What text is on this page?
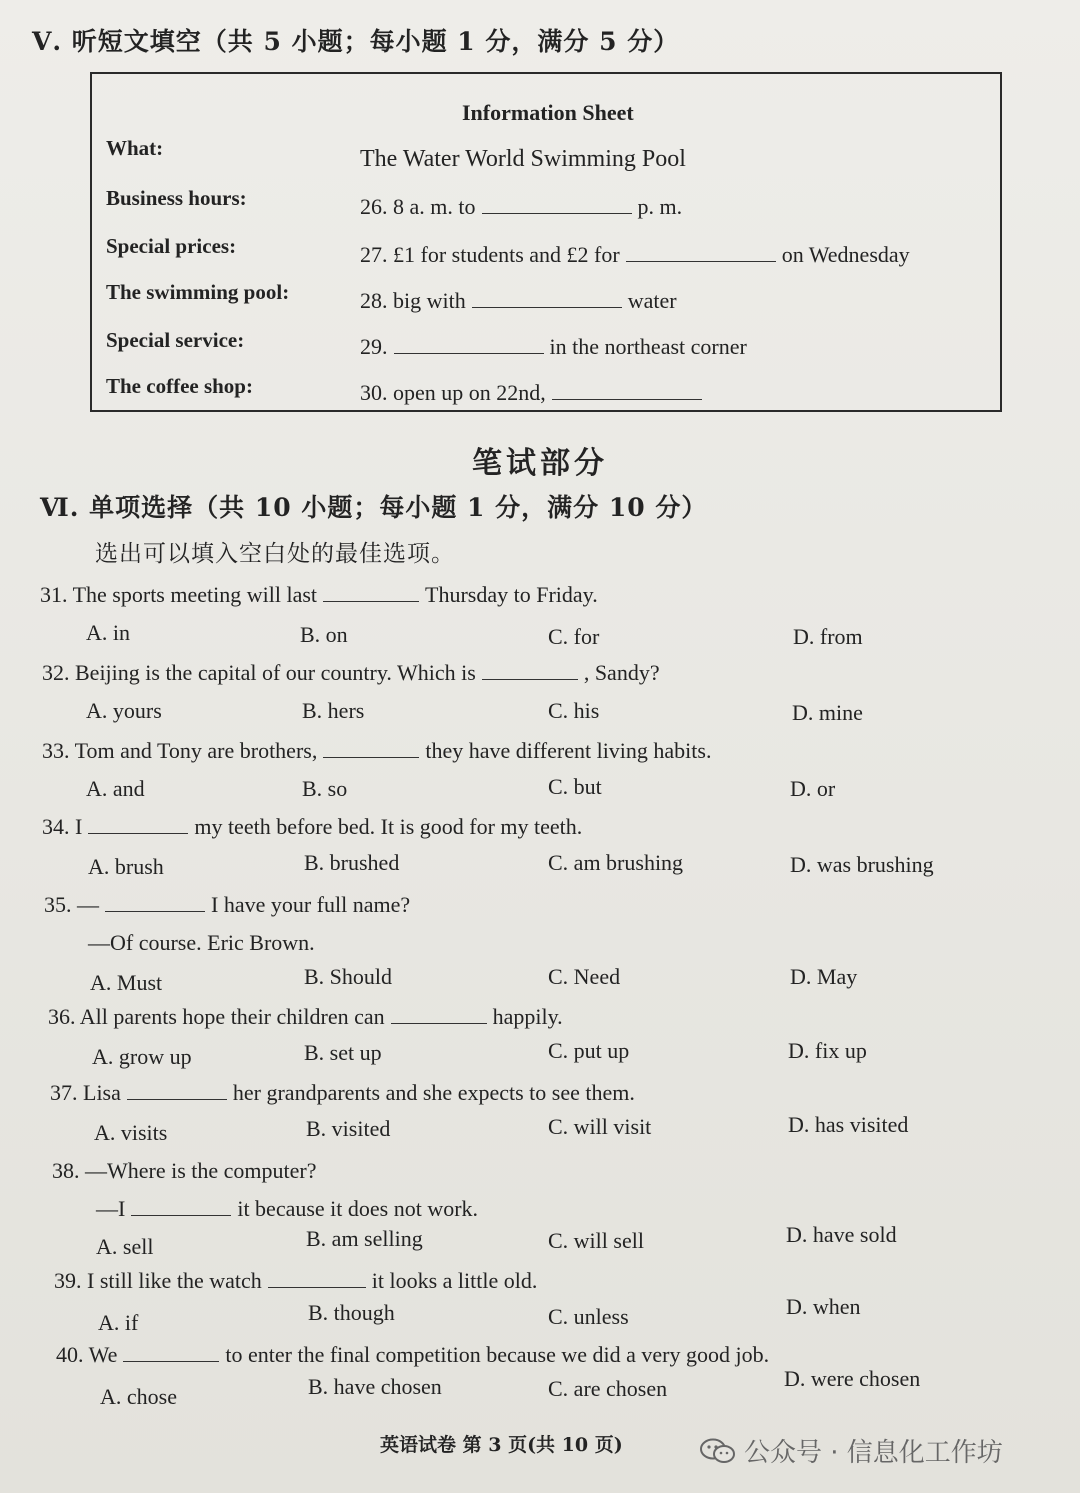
Ⅴ. 听短文填空（共 5 小题；每小题 1 分，满分 5 分）
Information Sheet
What:	The Water World Swimming Pool
Business hours:	26. 8 a. m. to	p. m.
Special prices:	27. £1 for students and £2 for	on Wednesday
The swimming pool:	28. big with	water
Special service:	29.	in the northeast corner
The coffee shop:	30. open up on 22nd,
笔试部分
Ⅵ. 单项选择（共 10 小题；每小题 1 分，满分 10 分）
选出可以填入空白处的最佳选项。
31. The sports meeting will last	Thursday to Friday.
A. in	B. on	C. for	D. from
32. Beijing is the capital of our country. Which is	, Sandy?
A. yours	B. hers	C. his	D. mine
33. Tom and Tony are brothers,	they have different living habits.
A. and	B. so	C. but	D. or
34. I	my teeth before bed. It is good for my teeth.
A. brush	B. brushed	C. am brushing	D. was brushing
35. —	I have your full name?
—Of course. Eric Brown.
A. Must	B. Should	C. Need	D. May
36. All parents hope their children can	happily.
A. grow up	B. set up	C. put up	D. fix up
37. Lisa	her grandparents and she expects to see them.
A. visits	B. visited	C. will visit	D. has visited
38. —Where is the computer?
—I	it because it does not work.
A. sell	B. am selling	C. will sell	D. have sold
39. I still like the watch	it looks a little old.
A. if	B. though	C. unless	D. when
40. We	to enter the final competition because we did a very good job.
A. chose	B. have chosen	C. are chosen	D. were chosen
英语试卷 第 3 页(共 10 页)	公众号 · 信息化工作坊
